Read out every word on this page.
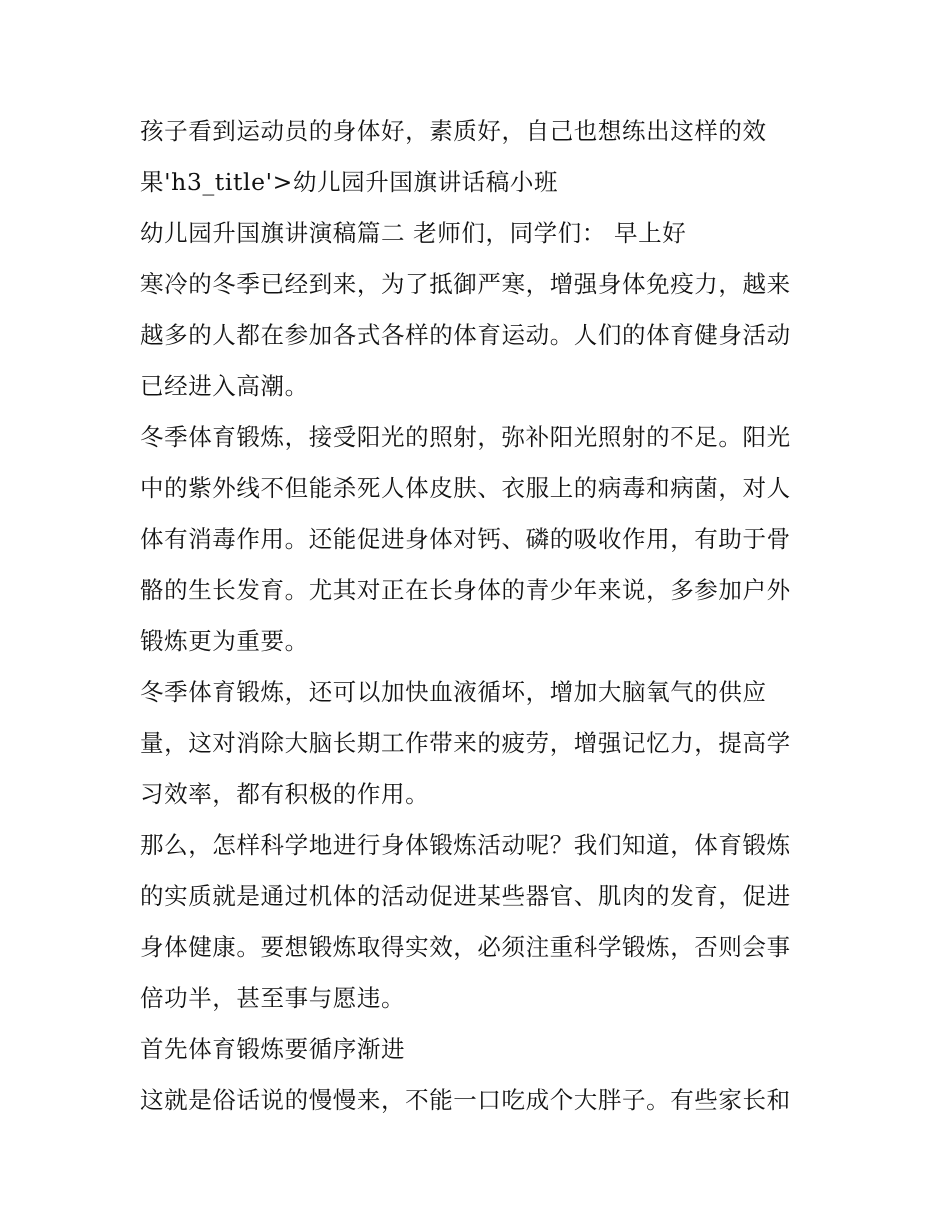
孩子看到运动员的身体好，素质好，自己也想练出这样的效
果'h3_title'>幼儿园升国旗讲话稿小班

幼儿园升国旗讲演稿篇二 老师们，同学们： 早上好

寒冷的冬季已经到来，为了抵御严寒，增强身体免疫力，越来
越多的人都在参加各式各样的体育运动。人们的体育健身活动
已经进入高潮。

冬季体育锻炼，接受阳光的照射，弥补阳光照射的不足。阳光
中的紫外线不但能杀死人体皮肤、衣服上的病毒和病菌，对人
体有消毒作用。还能促进身体对钙、磷的吸收作用，有助于骨
骼的生长发育。尤其对正在长身体的青少年来说，多参加户外
锻炼更为重要。

冬季体育锻炼，还可以加快血液循坏，增加大脑氧气的供应
量，这对消除大脑长期工作带来的疲劳，增强记忆力，提高学
习效率，都有积极的作用。

那么，怎样科学地进行身体锻炼活动呢？我们知道，体育锻炼
的实质就是通过机体的活动促进某些器官、肌肉的发育，促进
身体健康。要想锻炼取得实效，必须注重科学锻炼，否则会事
倍功半，甚至事与愿违。

首先体育锻炼要循序渐进

这就是俗话说的慢慢来，不能一口吃成个大胖子。有些家长和
